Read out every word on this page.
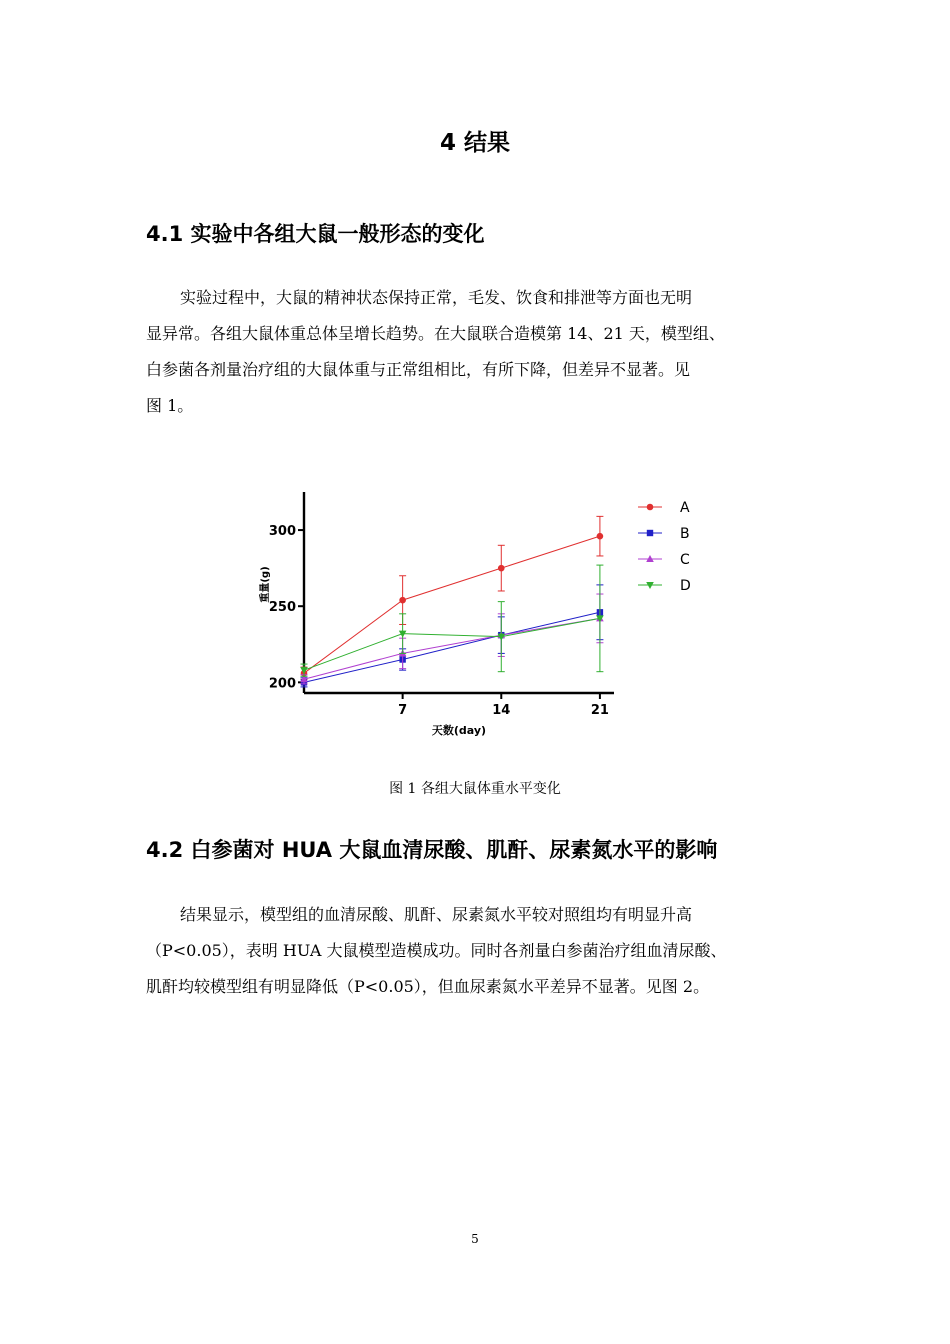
4 结果
4.1 实验中各组大鼠一般形态的变化

实验过程中，大鼠的精神状态保持正常，毛发、饮食和排泄等方面也无明

显异常。各组大鼠体重总体呈增长趋势。在大鼠联合造模第 14、21 天，模型组、

白参菌各剂量治疗组的大鼠体重与正常组相比，有所下降，但差异不显著。见

图 1。

200
250
300
7	14	21
天数(day)
重量(g)
A
B
C
D
图 1 各组大鼠体重水平变化
4.2 白参菌对 HUA 大鼠血清尿酸、肌酐、尿素氮水平的影响

结果显示，模型组的血清尿酸、肌酐、尿素氮水平较对照组均有明显升高

（P<0.05），表明 HUA 大鼠模型造模成功。同时各剂量白参菌治疗组血清尿酸、

肌酐均较模型组有明显降低（P<0.05），但血尿素氮水平差异不显著。见图 2。

5
